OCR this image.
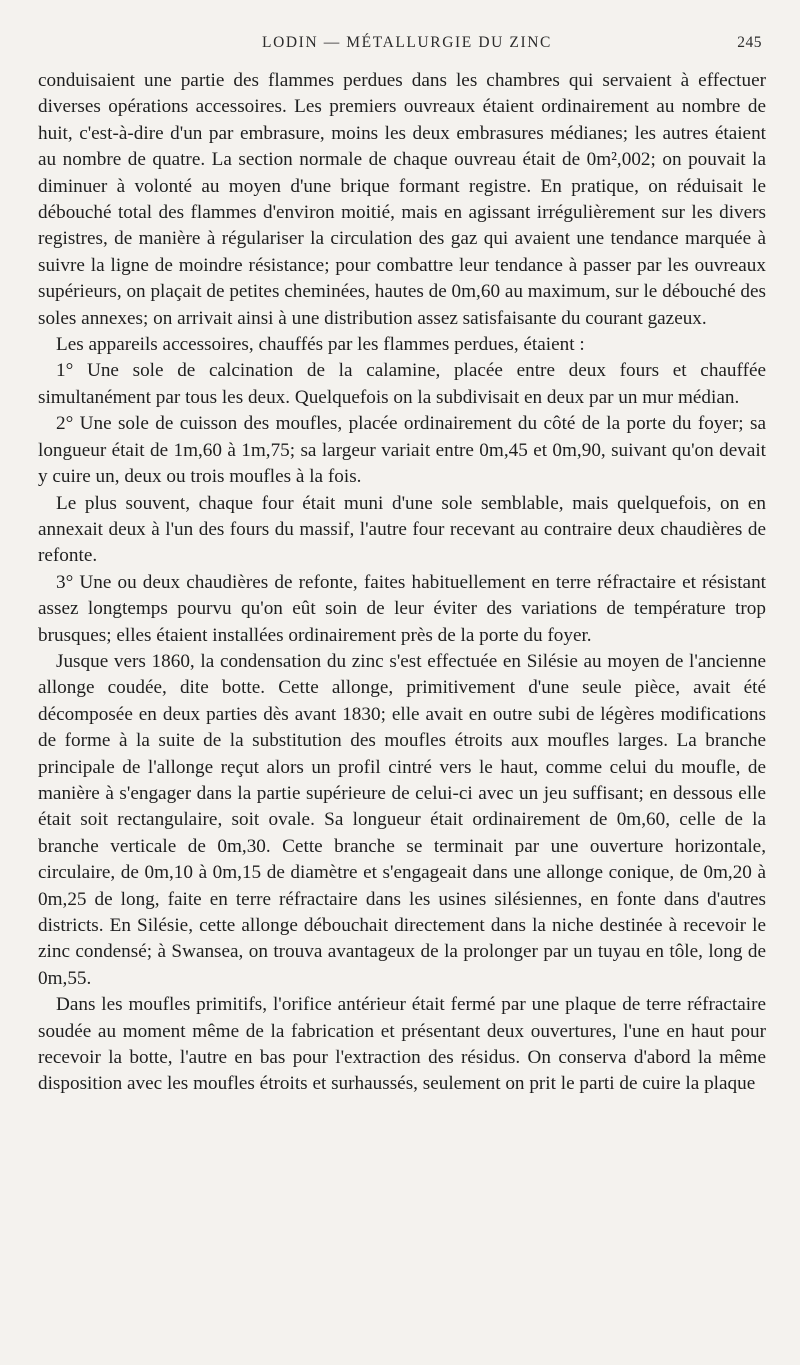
LODIN — MÉTALLURGIE DU ZINC	245

conduisaient une partie des flammes perdues dans les chambres qui servaient à effectuer diverses opérations accessoires. Les premiers ouvreaux étaient ordinairement au nombre de huit, c'est-à-dire d'un par embrasure, moins les deux embrasures médianes; les autres étaient au nombre de quatre. La section normale de chaque ouvreau était de 0m²,002; on pouvait la diminuer à volonté au moyen d'une brique formant registre. En pratique, on réduisait le débouché total des flammes d'environ moitié, mais en agissant irrégulièrement sur les divers registres, de manière à régulariser la circulation des gaz qui avaient une tendance marquée à suivre la ligne de moindre résistance; pour combattre leur tendance à passer par les ouvreaux supérieurs, on plaçait de petites cheminées, hautes de 0m,60 au maximum, sur le débouché des soles annexes; on arrivait ainsi à une distribution assez satisfaisante du courant gazeux.

Les appareils accessoires, chauffés par les flammes perdues, étaient :

1° Une sole de calcination de la calamine, placée entre deux fours et chauffée simultanément par tous les deux. Quelquefois on la subdivisait en deux par un mur médian.

2° Une sole de cuisson des moufles, placée ordinairement du côté de la porte du foyer; sa longueur était de 1m,60 à 1m,75; sa largeur variait entre 0m,45 et 0m,90, suivant qu'on devait y cuire un, deux ou trois moufles à la fois.

Le plus souvent, chaque four était muni d'une sole semblable, mais quelquefois, on en annexait deux à l'un des fours du massif, l'autre four recevant au contraire deux chaudières de refonte.

3° Une ou deux chaudières de refonte, faites habituellement en terre réfractaire et résistant assez longtemps pourvu qu'on eût soin de leur éviter des variations de température trop brusques; elles étaient installées ordinairement près de la porte du foyer.

Jusque vers 1860, la condensation du zinc s'est effectuée en Silésie au moyen de l'ancienne allonge coudée, dite botte. Cette allonge, primitivement d'une seule pièce, avait été décomposée en deux parties dès avant 1830; elle avait en outre subi de légères modifications de forme à la suite de la substitution des moufles étroits aux moufles larges. La branche principale de l'allonge reçut alors un profil cintré vers le haut, comme celui du moufle, de manière à s'engager dans la partie supérieure de celui-ci avec un jeu suffisant; en dessous elle était soit rectangulaire, soit ovale. Sa longueur était ordinairement de 0m,60, celle de la branche verticale de 0m,30. Cette branche se terminait par une ouverture horizontale, circulaire, de 0m,10 à 0m,15 de diamètre et s'engageait dans une allonge conique, de 0m,20 à 0m,25 de long, faite en terre réfractaire dans les usines silésiennes, en fonte dans d'autres districts. En Silésie, cette allonge débouchait directement dans la niche destinée à recevoir le zinc condensé; à Swansea, on trouva avantageux de la prolonger par un tuyau en tôle, long de 0m,55.

Dans les moufles primitifs, l'orifice antérieur était fermé par une plaque de terre réfractaire soudée au moment même de la fabrication et présentant deux ouvertures, l'une en haut pour recevoir la botte, l'autre en bas pour l'extraction des résidus. On conserva d'abord la même disposition avec les moufles étroits et surhaussés, seulement on prit le parti de cuire la plaque
